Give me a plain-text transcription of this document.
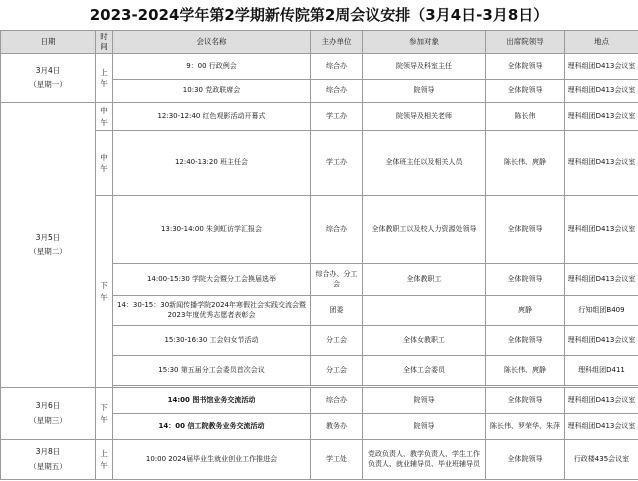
2023-2024学年第2学期新传院第2周会议安排（3月4日-3月8日）
日期	时间	会议名称	主办单位	参加对象	出席院领导	地点
3月4日
（星期一）	上午	9：00 行政例会	综合办	院领导及科室主任	全体院领导	理科组团D413会议室
		10:30 党政联席会	综合办	院领导	全体院领导	理科组团D413会议室
3月5日
（星期二）	中午	12:30-12:40 红色观影活动开幕式	学工办	院领导及相关老师	陈长伟	理科组团D413会议室
	中午	12:40-13:20 班主任会	学工办	全体班主任以及相关人员	陈长伟、庹静	理科组团D413会议室
	下午	13:30-14:00 朱剑虹访学汇报会	综合办	全体教职工以及校人力资源处领导	全体院领导	理科组团D413会议室
		14:00-15:30 学院大会暨分工会换届选举	综合办、分工会	全体教职工	全体院领导	理科组团D413会议室
		14：30-15：30新闻传播学院2024年寒假社会实践交流会暨2023年度优秀志愿者表彰会	团委		庹静	行知组团B409
		15:30-16:30 工会妇女节活动	分工会	全体女教职工	全体院领导	理科组团D413会议室
		15:30 第五届分工会委员首次会议	分工会	全体工会委员	陈长伟、庹静	理科组团D411

3月6日
（星期三）	下午	14:00 图书馆业务交流活动	综合办	院领导	全体院领导	理科组团D413会议室
		14：00 信工院教务业务交流活动	教务办	院领导	陈长伟、罗荣华、朱萍	理科组团D413会议室
3月8日
（星期五）	上午	10:00 2024届毕业生就业创业工作推进会	学工处	党政负责人、教学负责人、学生工作负责人、就业辅导员、毕业班辅导员	全体院领导	行政楼435会议室
